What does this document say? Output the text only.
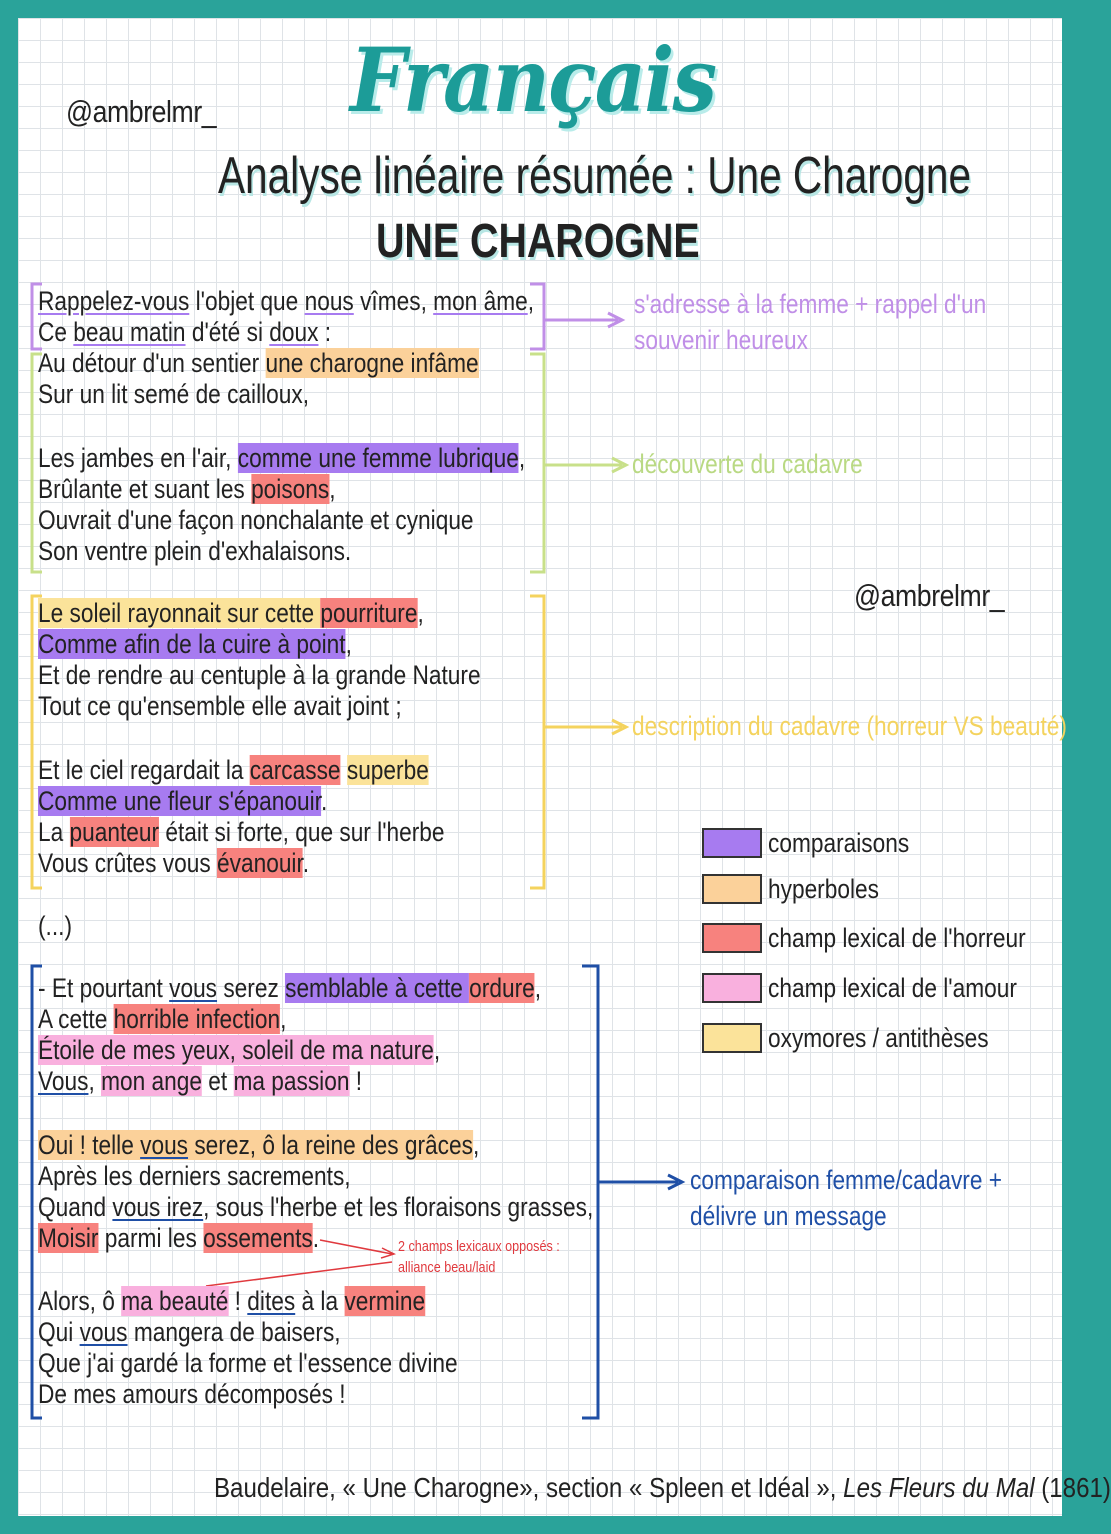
@ambrelmr_ Français
Analyse linéaire résumée : Une Charogne
UNE CHAROGNE
Rappelez-vous l'objet que nous vîmes, mon âme,
Ce beau matin d'été si doux :
Au détour d'un sentier une charogne infâme
Sur un lit semé de cailloux,
Les jambes en l'air, comme une femme lubrique,
Brûlante et suant les poisons,
Ouvrait d'une façon nonchalante et cynique
Son ventre plein d'exhalaisons.
Le soleil rayonnait sur cette pourriture,
Comme afin de la cuire à point,
Et de rendre au centuple à la grande Nature
Tout ce qu'ensemble elle avait joint ;
Et le ciel regardait la carcasse superbe
Comme une fleur s'épanouir.
La puanteur était si forte, que sur l'herbe
Vous crûtes vous évanouir.
(...)
- Et pourtant vous serez semblable à cette ordure,
A cette horrible infection,
Étoile de mes yeux, soleil de ma nature,
Vous, mon ange et ma passion !
Oui ! telle vous serez, ô la reine des grâces,
Après les derniers sacrements,
Quand vous irez, sous l'herbe et les floraisons grasses,
Moisir parmi les ossements.
Alors, ô ma beauté ! dites à la vermine
Qui vous mangera de baisers,
Que j'ai gardé la forme et l'essence divine
De mes amours décomposés !
s'adresse à la femme + rappel d'un
souvenir heureux
découverte du cadavre
@ambrelmr_
description du cadavre (horreur VS beauté)
comparaison femme/cadavre +
délivre un message
2 champs lexicaux opposés :
alliance beau/laid
comparaisons
hyperboles
champ lexical de l'horreur
champ lexical de l'amour
oxymores / antithèses
Baudelaire, « Une Charogne», section « Spleen et Idéal », Les Fleurs du Mal (1861)
